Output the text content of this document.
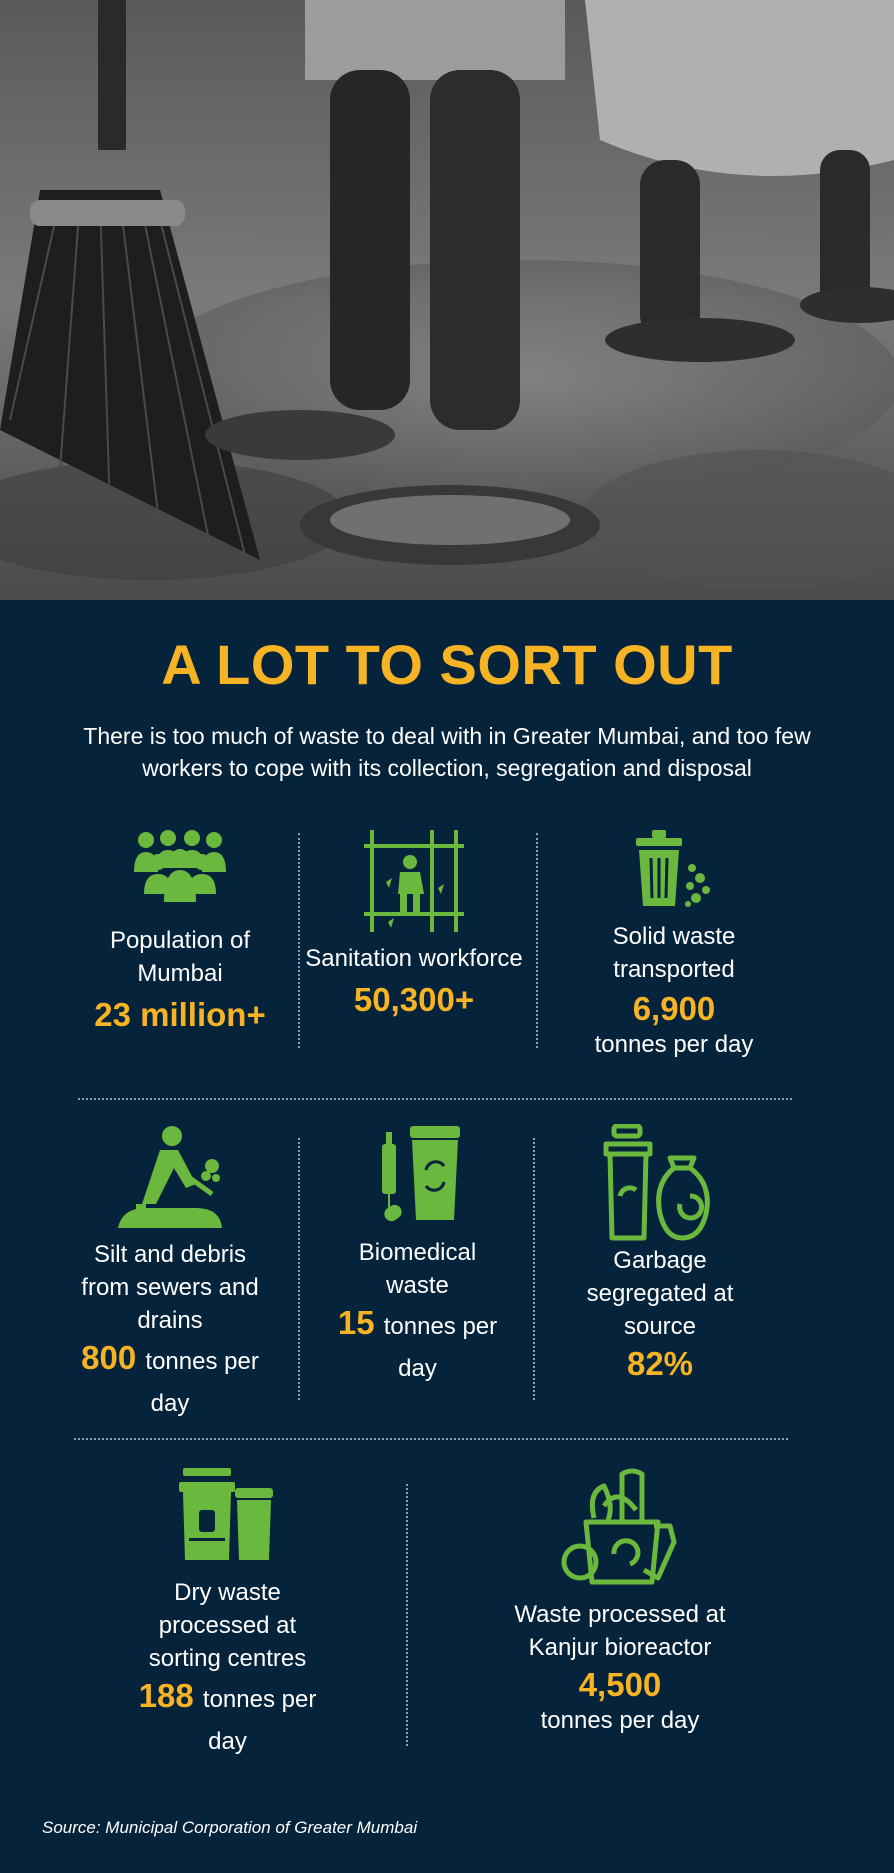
A LOT TO SORT OUT
There is too much of waste to deal with in Greater Mumbai, and too few workers to cope with its collection, segregation and disposal
Population of Mumbai
23 million+
Sanitation workforce
50,300+
Solid waste transported
6,900
tonnes per day
Silt and debris from sewers and drains
800 tonnes per day
Biomedical waste
15 tonnes per day
Garbage segregated at source
82%
Dry waste processed at sorting centres
188 tonnes per day
Waste processed at Kanjur bioreactor
4,500
tonnes per day
Source: Municipal Corporation of Greater Mumbai
